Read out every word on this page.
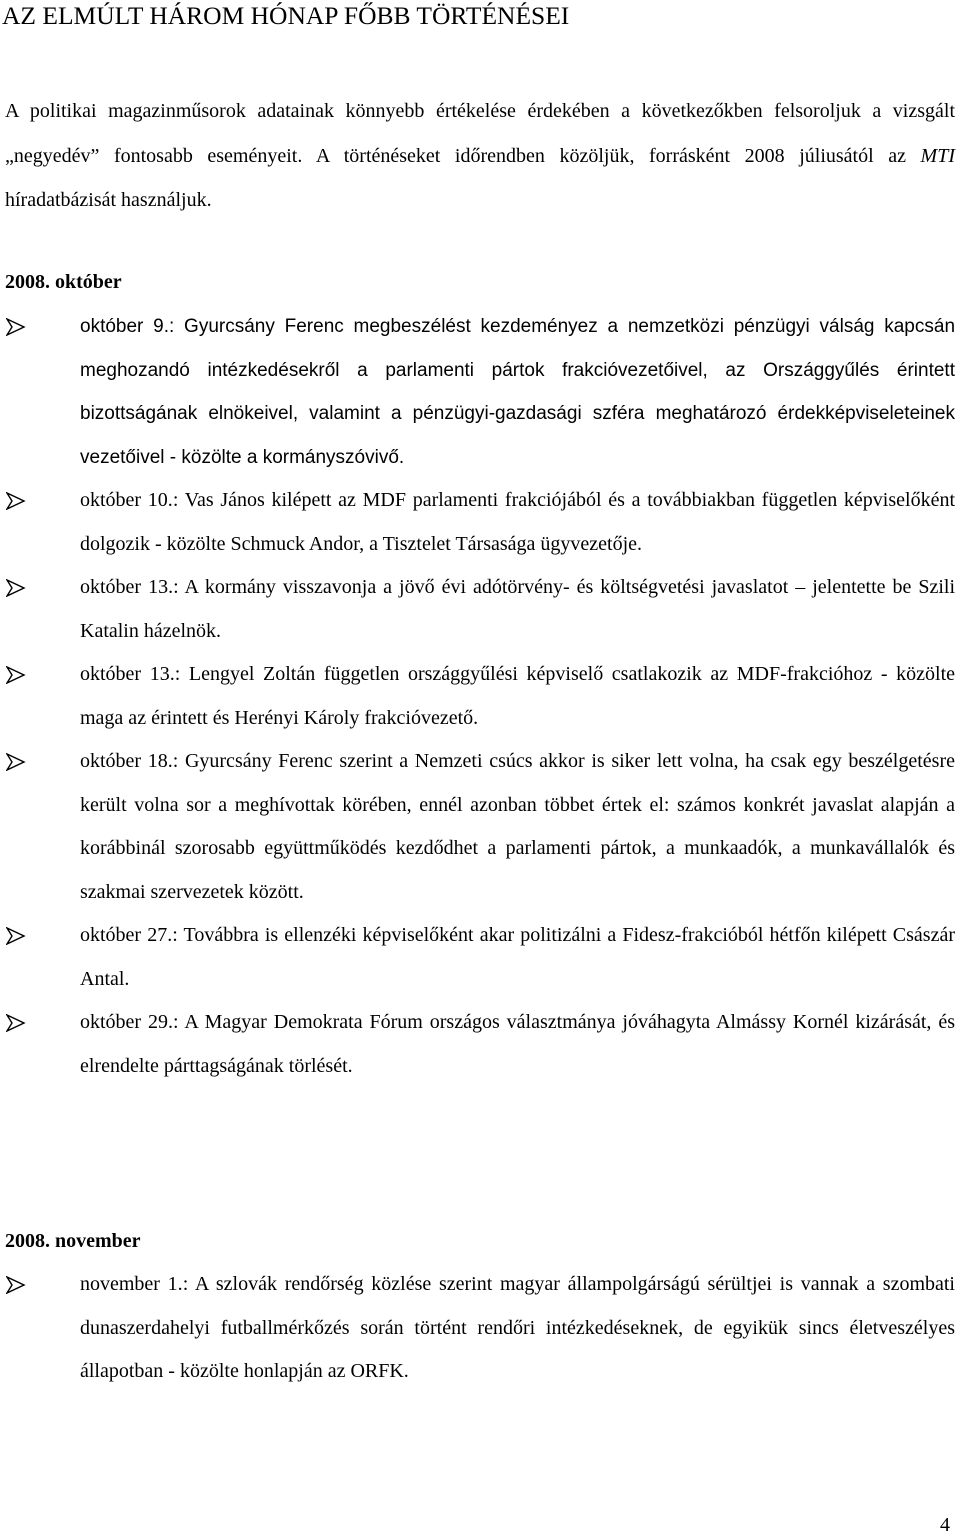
AZ ELMÚLT HÁROM HÓNAP FŐBB TÖRTÉNÉSEI

A politikai magazinműsorok adatainak könnyebb értékelése érdekében a következőkben felsoroljuk a vizsgált „negyedév” fontosabb eseményeit. A történéseket időrendben közöljük, forrásként 2008 júliusától az MTI híradatbázisát használjuk.

2008. október
október 9.: Gyurcsány Ferenc megbeszélést kezdeményez a nemzetközi pénzügyi válság kapcsán meghozandó intézkedésekről a parlamenti pártok frakcióvezetőivel, az Országgyűlés érintett bizottságának elnökeivel, valamint a pénzügyi-gazdasági szféra meghatározó érdekképviseleteinek vezetőivel - közölte a kormányszóvivő.
október 10.: Vas János kilépett az MDF parlamenti frakciójából és a továbbiakban független képviselőként dolgozik - közölte Schmuck Andor, a Tisztelet Társasága ügyvezetője.
október 13.: A kormány visszavonja a jövő évi adótörvény- és költségvetési javaslatot – jelentette be Szili Katalin házelnök.
október 13.: Lengyel Zoltán független országgyűlési képviselő csatlakozik az MDF-frakcióhoz - közölte maga az érintett és Herényi Károly frakcióvezető.
október 18.: Gyurcsány Ferenc szerint a Nemzeti csúcs akkor is siker lett volna, ha csak egy beszélgetésre került volna sor a meghívottak körében, ennél azonban többet értek el: számos konkrét javaslat alapján a korábbinál szorosabb együttműködés kezdődhet a parlamenti pártok, a munkaadók, a munkavállalók és szakmai szervezetek között.
október 27.: Továbbra is ellenzéki képviselőként akar politizálni a Fidesz-frakcióból hétfőn kilépett Császár Antal.
október 29.: A Magyar Demokrata Fórum országos választmánya jóváhagyta Almássy Kornél kizárását, és elrendelte párttagságának törlését.
2008. november
november 1.: A szlovák rendőrség közlése szerint magyar állampolgárságú sérültjei is vannak a szombati dunaszerdahelyi futballmérkőzés során történt rendőri intézkedéseknek, de egyikük sincs életveszélyes állapotban - közölte honlapján az ORFK.
4
